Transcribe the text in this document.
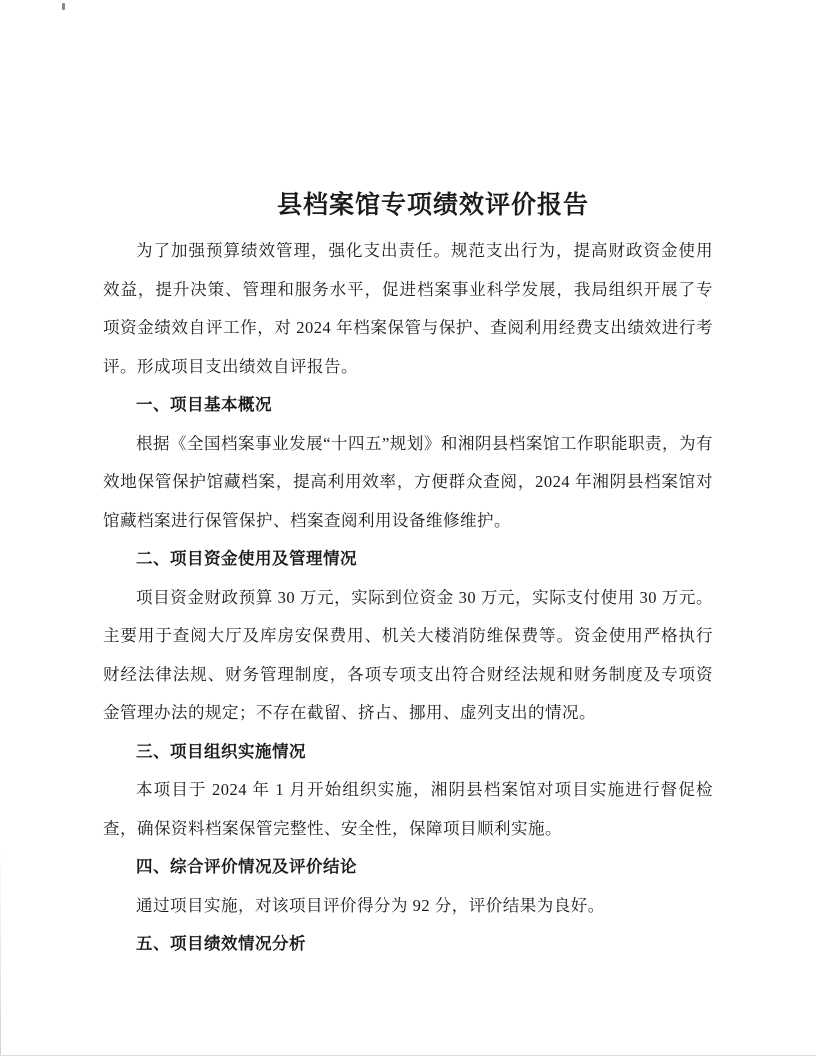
县档案馆专项绩效评价报告

为了加强预算绩效管理，强化支出责任。规范支出行为，提高财政资金使用效益，提升决策、管理和服务水平，促进档案事业科学发展，我局组织开展了专项资金绩效自评工作，对 2024 年档案保管与保护、查阅利用经费支出绩效进行考评。形成项目支出绩效自评报告。

一、项目基本概况

根据《全国档案事业发展“十四五”规划》和湘阴县档案馆工作职能职责，为有效地保管保护馆藏档案，提高利用效率，方便群众查阅，2024 年湘阴县档案馆对馆藏档案进行保管保护、档案查阅利用设备维修维护。

二、项目资金使用及管理情况

项目资金财政预算 30 万元，实际到位资金 30 万元，实际支付使用 30 万元。主要用于查阅大厅及库房安保费用、机关大楼消防维保费等。资金使用严格执行财经法律法规、财务管理制度，各项专项支出符合财经法规和财务制度及专项资金管理办法的规定；不存在截留、挤占、挪用、虚列支出的情况。

三、项目组织实施情况

本项目于 2024 年 1 月开始组织实施，湘阴县档案馆对项目实施进行督促检查，确保资料档案保管完整性、安全性，保障项目顺利实施。

四、综合评价情况及评价结论

通过项目实施，对该项目评价得分为 92 分，评价结果为良好。

五、项目绩效情况分析
